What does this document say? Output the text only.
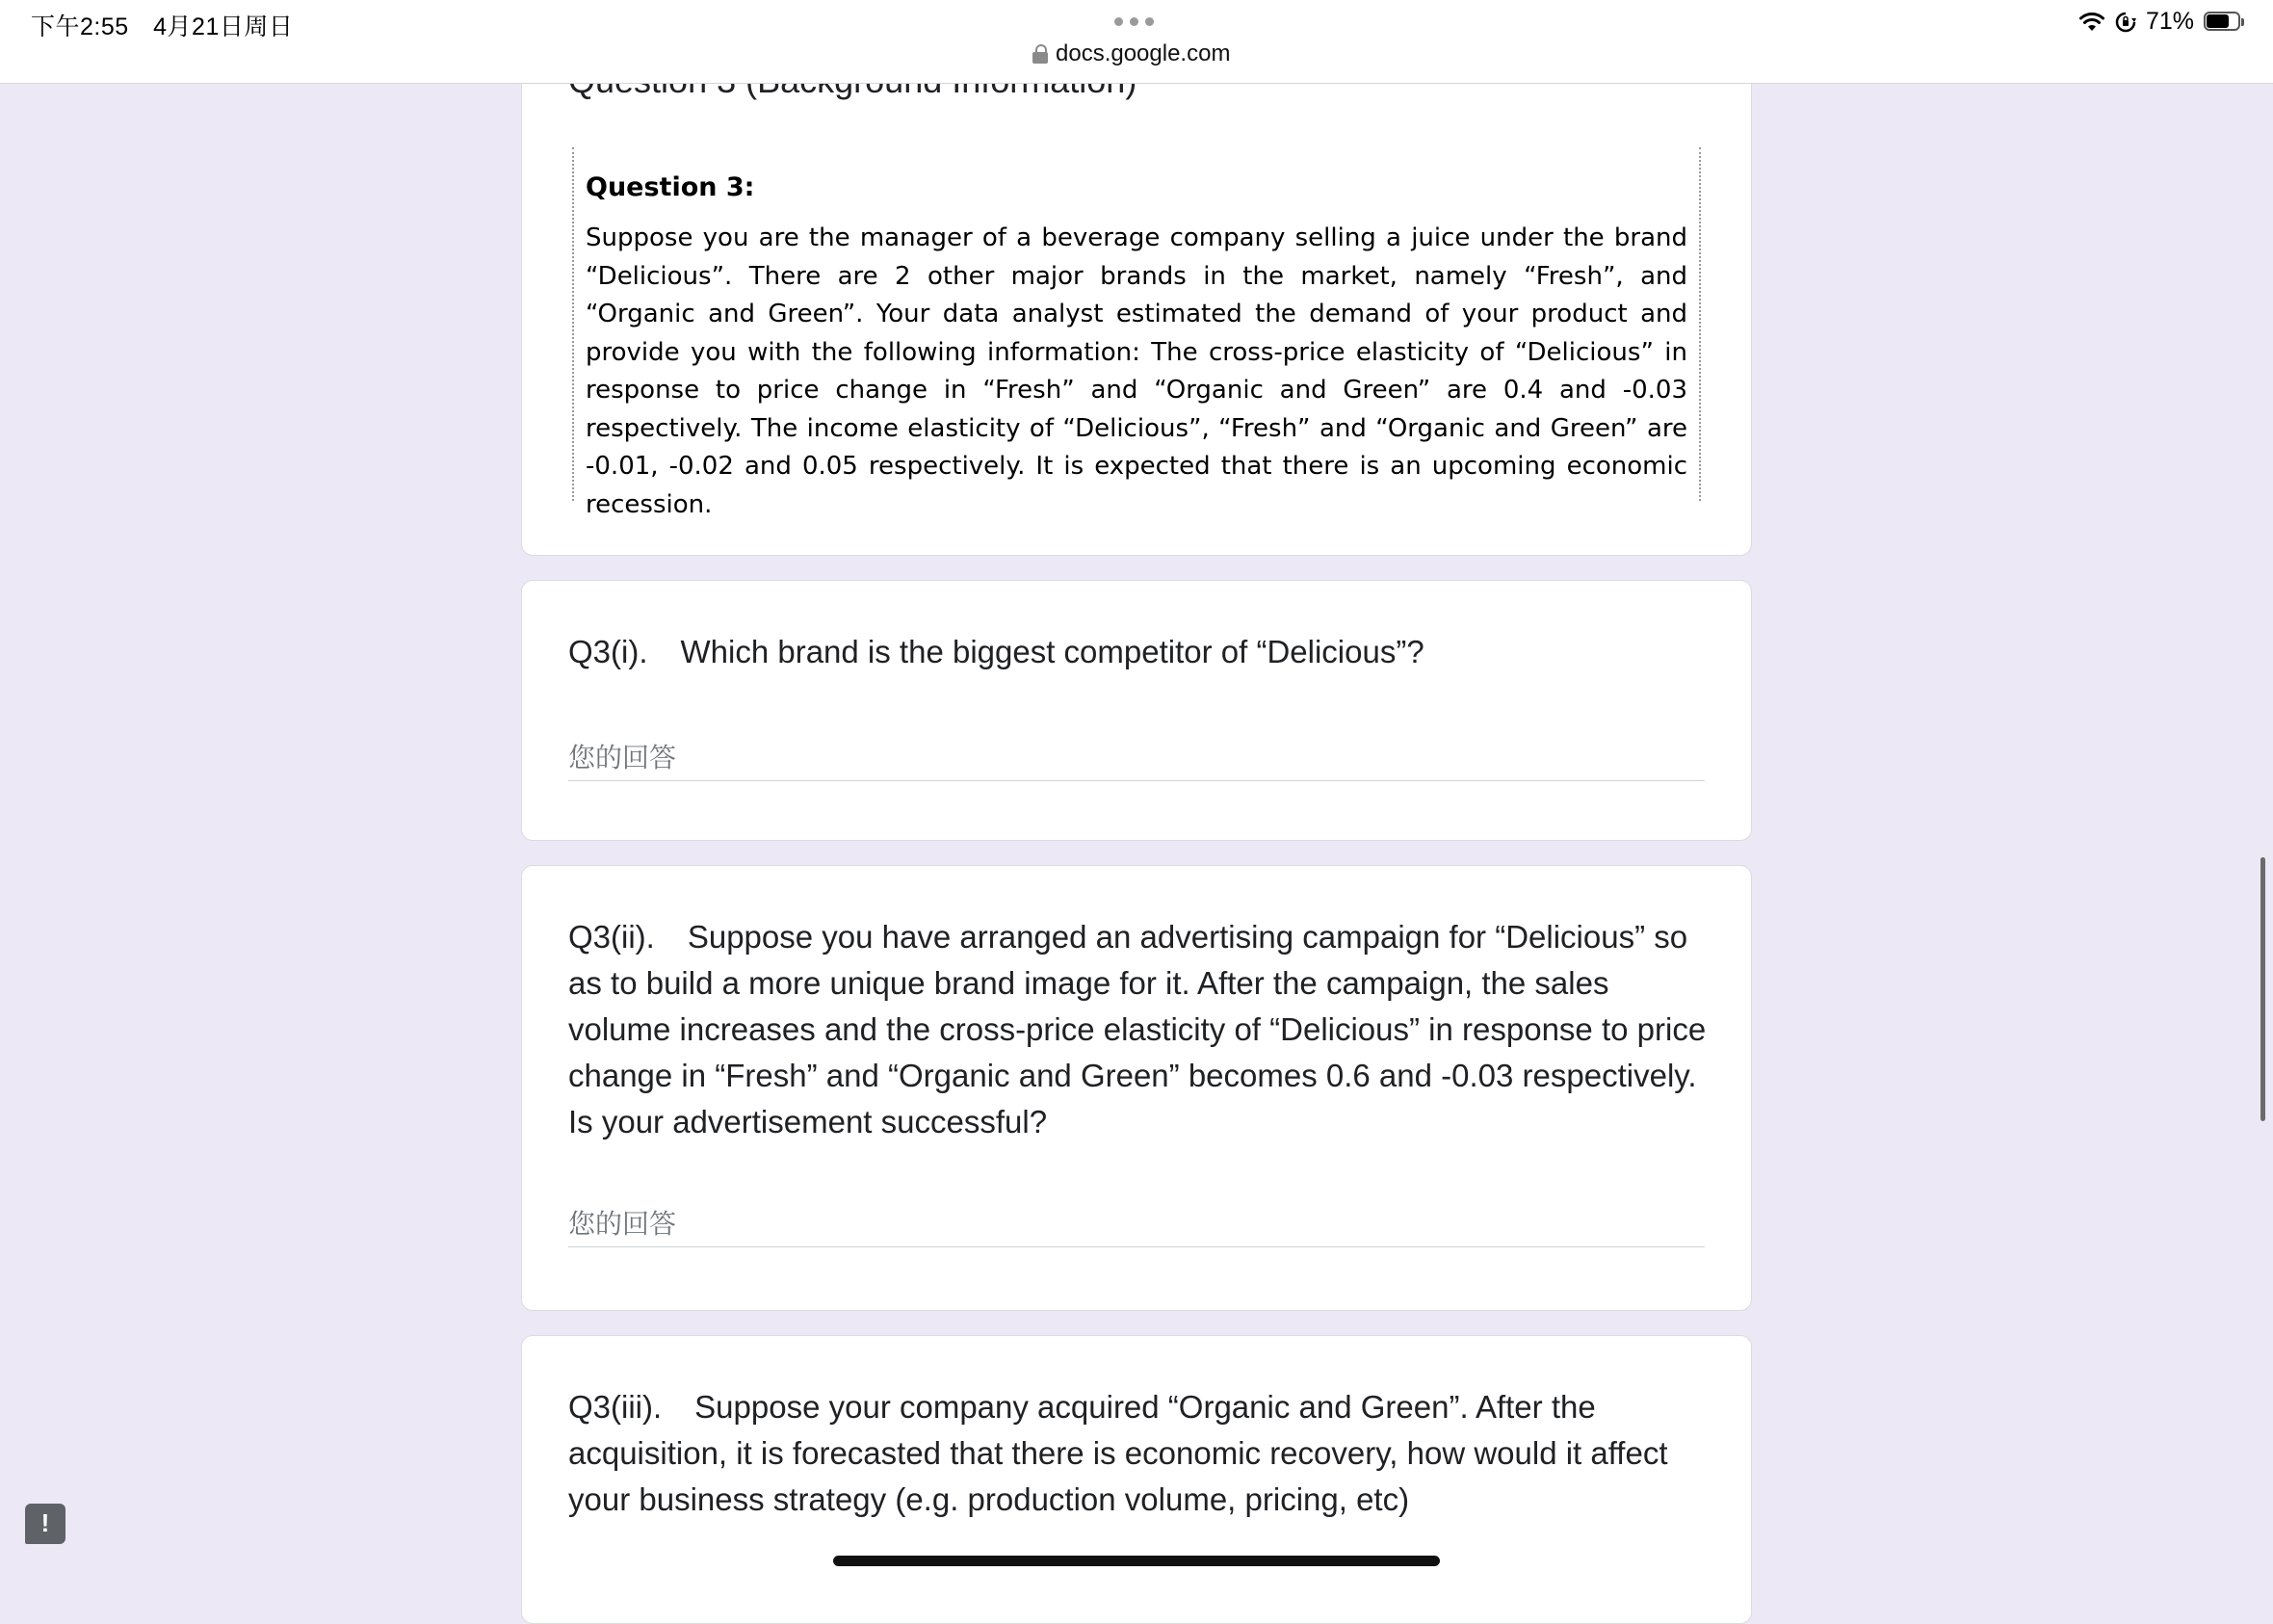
下午2:55　4月21日周日
docs.google.com
71%
Question 3:
Suppose you are the manager of a beverage company selling a juice under the brand “Delicious”. There are 2 other major brands in the market, namely “Fresh”, and “Organic and Green”. Your data analyst estimated the demand of your product and provide you with the following information: The cross-price elasticity of “Delicious” in response to price change in “Fresh” and “Organic and Green” are 0.4 and -0.03 respectively. The income elasticity of “Delicious”, “Fresh” and “Organic and Green” are -0.01, -0.02 and 0.05 respectively. It is expected that there is an upcoming economic recession.
Q3(i). Which brand is the biggest competitor of “Delicious”?
您的回答
Q3(ii). Suppose you have arranged an advertising campaign for “Delicious” so as to build a more unique brand image for it. After the campaign, the sales volume increases and the cross-price elasticity of “Delicious” in response to price change in “Fresh” and “Organic and Green” becomes 0.6 and -0.03 respectively. Is your advertisement successful?
您的回答
Q3(iii). Suppose your company acquired “Organic and Green”. After the acquisition, it is forecasted that there is economic recovery, how would it affect your business strategy (e.g. production volume, pricing, etc)
!
